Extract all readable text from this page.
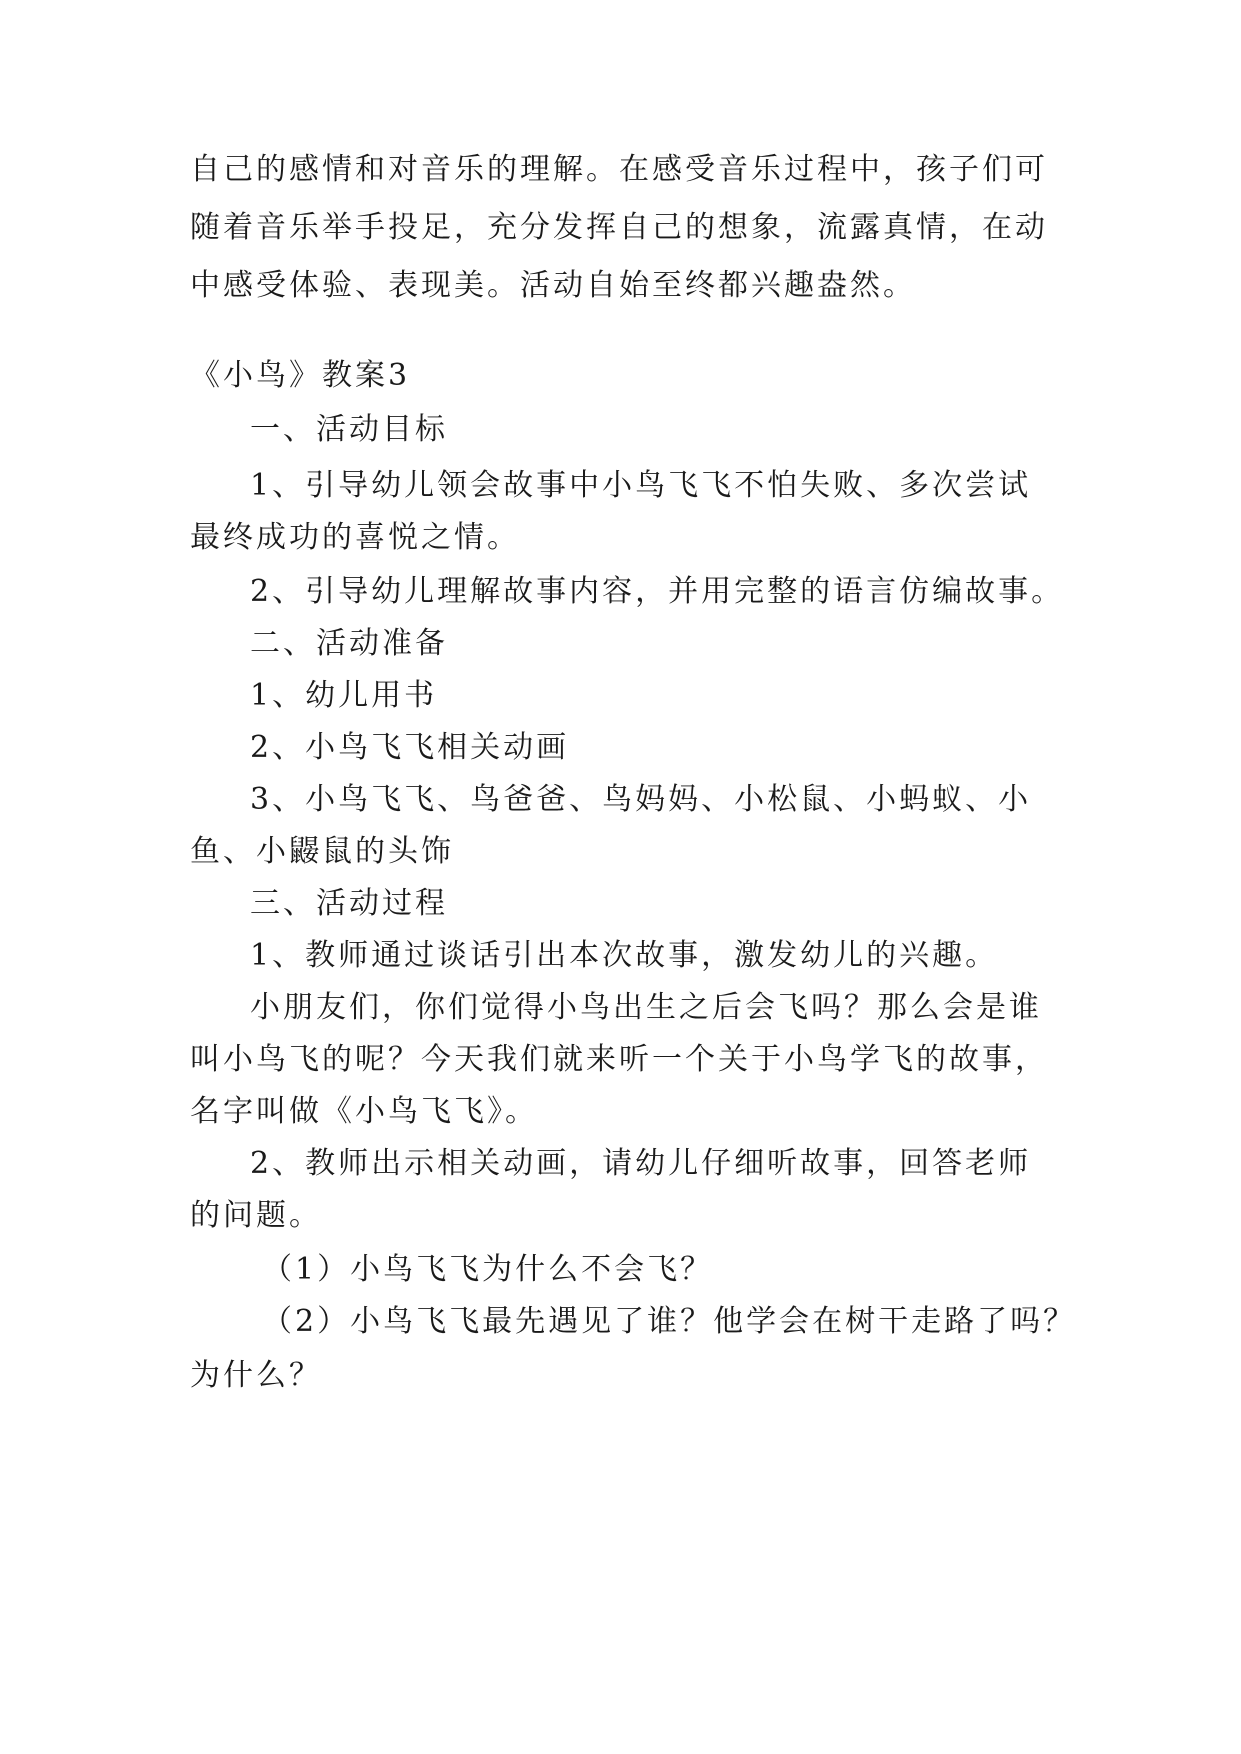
自己的感情和对音乐的理解。在感受音乐过程中，孩子们可
随着音乐举手投足，充分发挥自己的想象，流露真情，在动
中感受体验、表现美。活动自始至终都兴趣盎然。
《小鸟》教案3
一、活动目标
1、引导幼儿领会故事中小鸟飞飞不怕失败、多次尝试
最终成功的喜悦之情。
2、引导幼儿理解故事内容，并用完整的语言仿编故事。
二、活动准备
1、幼儿用书
2、小鸟飞飞相关动画
3、小鸟飞飞、鸟爸爸、鸟妈妈、小松鼠、小蚂蚁、小
鱼、小鼹鼠的头饰
三、活动过程
1、教师通过谈话引出本次故事，激发幼儿的兴趣。
小朋友们，你们觉得小鸟出生之后会飞吗？那么会是谁
叫小鸟飞的呢？今天我们就来听一个关于小鸟学飞的故事，
名字叫做《小鸟飞飞》。
2、教师出示相关动画，请幼儿仔细听故事，回答老师
的问题。
（1）小鸟飞飞为什么不会飞？
（2）小鸟飞飞最先遇见了谁？他学会在树干走路了吗？
为什么？
